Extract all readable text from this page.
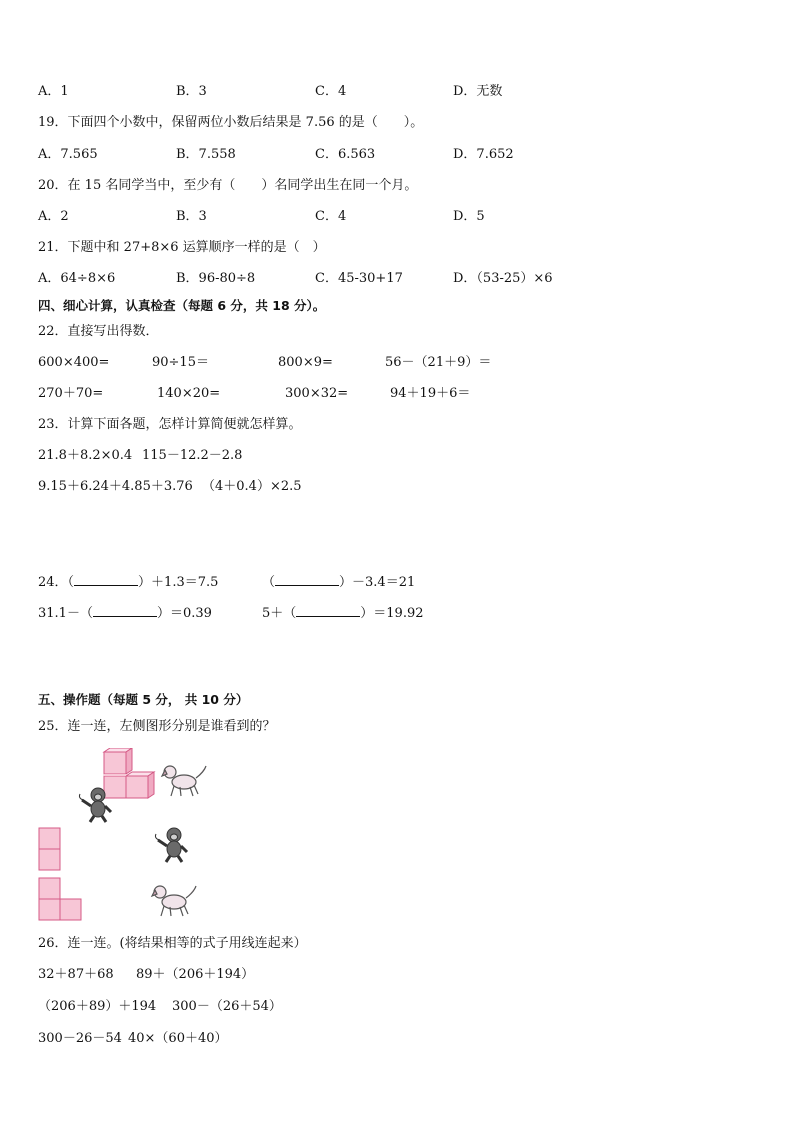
A．1	B．3	C．4	D．无数
19．下面四个小数中，保留两位小数后结果是 7.56 的是（　　）。
A．7.565	B．7.558	C．6.563	D．7.652
20．在 15 名同学当中，至少有（　　）名同学出生在同一个月。
A．2	B．3	C．4	D．5
21．下题中和 27+8×6 运算顺序一样的是（　）
A．64÷8×6	B．96-80÷8	C．45-30+17	D．（53-25）×6
四、细心计算，认真检查（每题 6 分，共 18 分）。
22．直接写出得数．
600×400=	90÷15＝	800×9=	56－（21＋9）＝
270＋70=	140×20=	300×32=	94＋19＋6＝
23．计算下面各题，怎样计算简便就怎样算。
21.8＋8.2×0.4 115－12.2－2.8
9.15＋6.24＋4.85＋3.76 （4＋0.4）×2.5
24．（	）＋1.3＝7.5	（	）－3.4＝21
31.1－（	）＝0.39	5＋（	）＝19.92
五、操作题（每题 5 分， 共 10 分）
25．连一连，左侧图形分别是谁看到的？
26．连一连。(将结果相等的式子用线连起来）
32＋87＋68 89＋（206＋194）
（206＋89）＋194 300－（26＋54）
300－26－54 40×（60＋40）
